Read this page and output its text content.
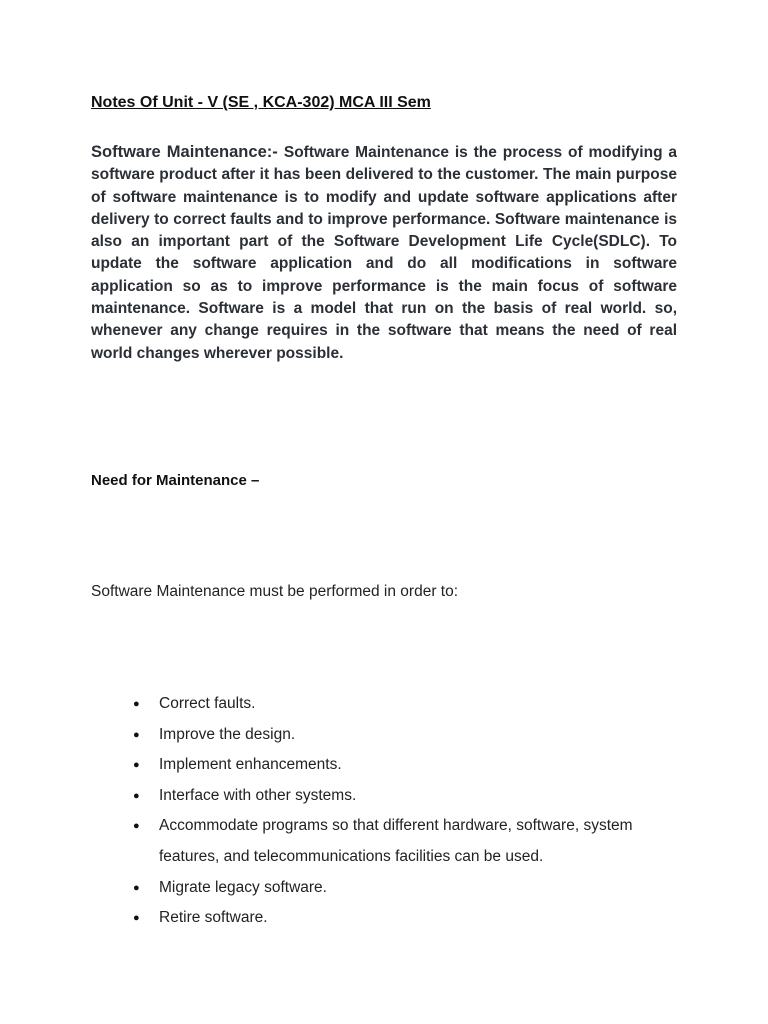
Notes Of Unit - V (SE , KCA-302) MCA III Sem

Software Maintenance:- Software Maintenance is the process of modifying a software product after it has been delivered to the customer. The main purpose of software maintenance is to modify and update software applications after delivery to correct faults and to improve performance. Software maintenance is also an important part of the Software Development Life Cycle(SDLC). To update the software application and do all modifications in software application so as to improve performance is the main focus of software maintenance. Software is a model that run on the basis of real world. so, whenever any change requires in the software that means the need of real world changes wherever possible.

Need for Maintenance –

Software Maintenance must be performed in order to:

● Correct faults.
● Improve the design.
● Implement enhancements.
● Interface with other systems.
● Accommodate programs so that different hardware, software, system features, and telecommunications facilities can be used.
● Migrate legacy software.
● Retire software.
